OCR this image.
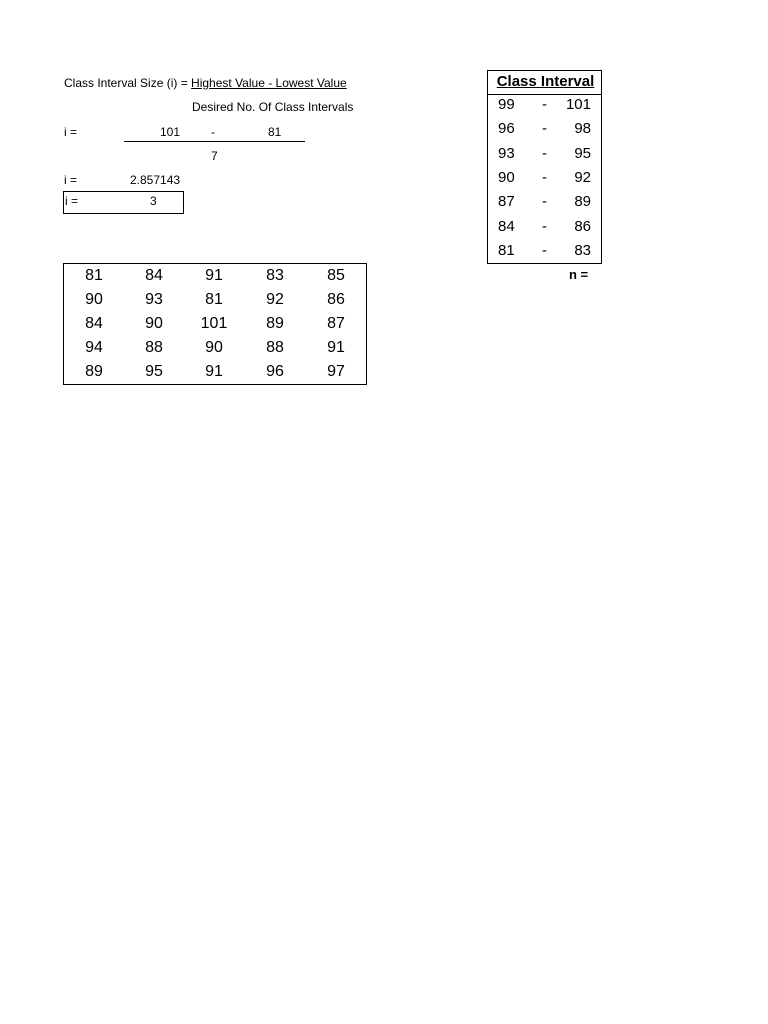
Class Interval Size (i) = Highest Value - Lowest Value
Desired No. Of Class Intervals
i =	101	-	81
7
i =	2.857143
i =	3
81	84	91	83	85
90	93	81	92	86
84	90	101	89	87
94	88	90	88	91
89	95	91	96	97
Class Interval
99 - 101
96 - 98
93 - 95
90 - 92
87 - 89
84 - 86
81 - 83
n =
